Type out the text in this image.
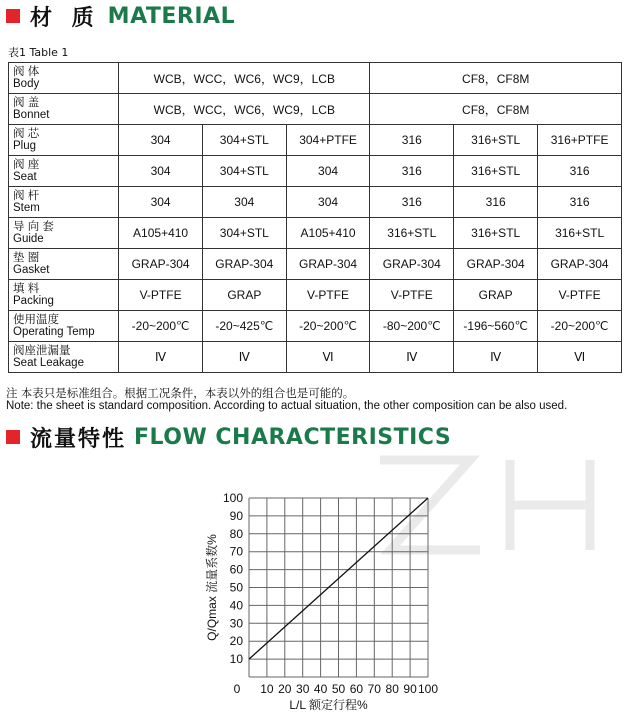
材 质 MATERIAL
表1 Table 1
阀 体
Body	WCB，WCC，WC6，WC9，LCB			CF8，CF8M		

阀 盖
Bonnet	WCB，WCC，WC6，WC9，LCB			CF8，CF8M		

阀 芯
Plug	304	304+STL	304+PTFE	316	316+STL	316+PTFE

阀 座
Seat	304	304+STL	304	316	316+STL	316

阀 杆
Stem	304	304	304	316	316	316

导 向 套
Guide	A105+410	304+STL	A105+410	316+STL	316+STL	316+STL

垫 圈
Gasket	GRAP-304	GRAP-304	GRAP-304	GRAP-304	GRAP-304	GRAP-304

填 料
Packing	V-PTFE	GRAP	V-PTFE	V-PTFE	GRAP	V-PTFE

使用温度
Operating Temp	-20~200℃	-20~425℃	-20~200℃	-80~200℃	-196~560℃	-20~200℃

阀座泄漏量
Seat Leakage	Ⅳ	Ⅳ	Ⅵ	Ⅳ	Ⅳ	Ⅵ
注 本表只是标准组合。根据工况条件，本表以外的组合也是可能的。
Note: the sheet is standard composition. According to actual situation, the other composition can be also used.
流量特性 FLOW CHARACTERISTICS
10
20
30
40
50
60
70
80
90
100
0 10 20 30 40 50 60 70 80 90 100
L/L 额定行程%
Q/Qmax 流量系数%
